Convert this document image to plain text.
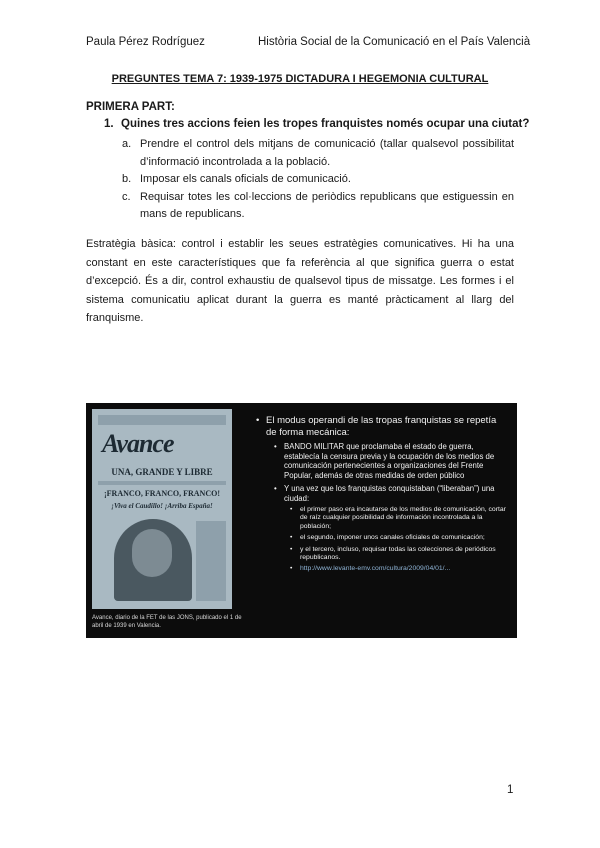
Paula Pérez Rodríguez	Història Social de la Comunicació en el País Valencià
PREGUNTES TEMA 7: 1939-1975 DICTADURA I HEGEMONIA CULTURAL
PRIMERA PART:
1. Quines tres accions feien les tropes franquistes només ocupar una ciutat?
a. Prendre el control dels mitjans de comunicació (tallar qualsevol possibilitat d’informació incontrolada a la població.
b. Imposar els canals oficials de comunicació.
c. Requisar totes les col·leccions de periòdics republicans que estiguessin en mans de republicans.
Estratègia bàsica: control i establir les seues estratègies comunicatives. Hi ha una constant en este característiques que fa referència al que significa guerra o estat d’excepció. És a dir, control exhaustiu de qualsevol tipus de missatge. Les formes i el sistema comunicatiu aplicat durant la guerra es manté pràcticament al llarg del franquisme.
Avance
UNA, GRANDE Y LIBRE
¡FRANCO, FRANCO, FRANCO!
¡Viva el Caudillo! ¡Arriba España!
Avance, diario de la FET de las JONS, publicado el 1 de abril de 1939 en Valencia.
• El modus operandi de las tropas franquistas se repetía de forma mecánica:
• BANDO MILITAR que proclamaba el estado de guerra, establecía la censura previa y la ocupación de los medios de comunicación pertenecientes a organizaciones del Frente Popular, además de otras medidas de orden público
• Y una vez que los franquistas conquistaban (“liberaban”) una ciudad:
•	el primer paso era incautarse de los medios de comunicación, cortar de raíz cualquier posibilidad de información incontrolada a la población;
•	el segundo, imponer unos canales oficiales de comunicación;
•	y el tercero, incluso, requisar todas las colecciones de periódicos republicanos.
•	http://www.levante-emv.com/cultura/2009/04/01/...
1
